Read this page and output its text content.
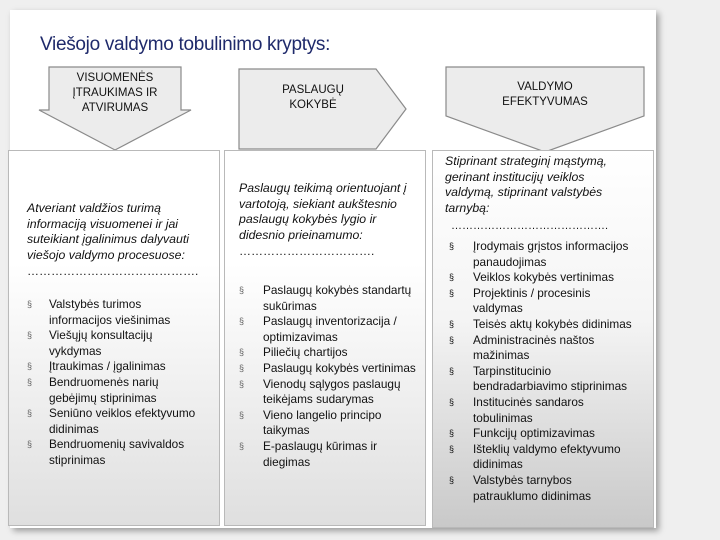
Viešojo valdymo tobulinimo kryptys:
VISUOMENĖS
ĮTRAUKIMAS IR
ATVIRUMAS
PASLAUGŲ
KOKYBĖ
VALDYMO
EFEKTYVUMAS
Atveriant valdžios turimą
informaciją visuomenei ir jai
suteikiant įgalinimus dalyvauti
viešojo valdymo procesuose:
…………………………………….
§ Valstybės turimos
informacijos viešinimas
§ Viešųjų konsultacijų
vykdymas
§ Įtraukimas / įgalinimas
§ Bendruomenės narių
gebėjimų stiprinimas
§ Seniūno veiklos efektyvumo
didinimas
§ Bendruomenių savivaldos
stiprinimas
Paslaugų teikimą orientuojant į
vartotoją, siekiant aukštesnio
paslaugų kokybės lygio ir
didesnio prieinamumo:
…………………………….
§ Paslaugų kokybės standartų
sukūrimas
§ Paslaugų inventorizacija /
optimizavimas
§ Piliečių chartijos
§ Paslaugų kokybės vertinimas
§ Vienodų sąlygos paslaugų
teikėjams sudarymas
§ Vieno langelio principo
taikymas
§ E-paslaugų kūrimas ir
diegimas
Stiprinant strateginį mąstymą,
gerinant institucijų veiklos
valdymą, stiprinant valstybės
tarnybą:
…………………………………….
§ Įrodymais grįstos informacijos
panaudojimas
§ Veiklos kokybės vertinimas
§ Projektinis / procesinis
valdymas
§ Teisės aktų kokybės didinimas
§ Administracinės naštos
mažinimas
§ Tarpinstitucinio
bendradarbiavimo stiprinimas
§ Institucinės sandaros
tobulinimas
§ Funkcijų optimizavimas
§ Išteklių valdymo efektyvumo
didinimas
§ Valstybės tarnybos
patrauklumo didinimas
